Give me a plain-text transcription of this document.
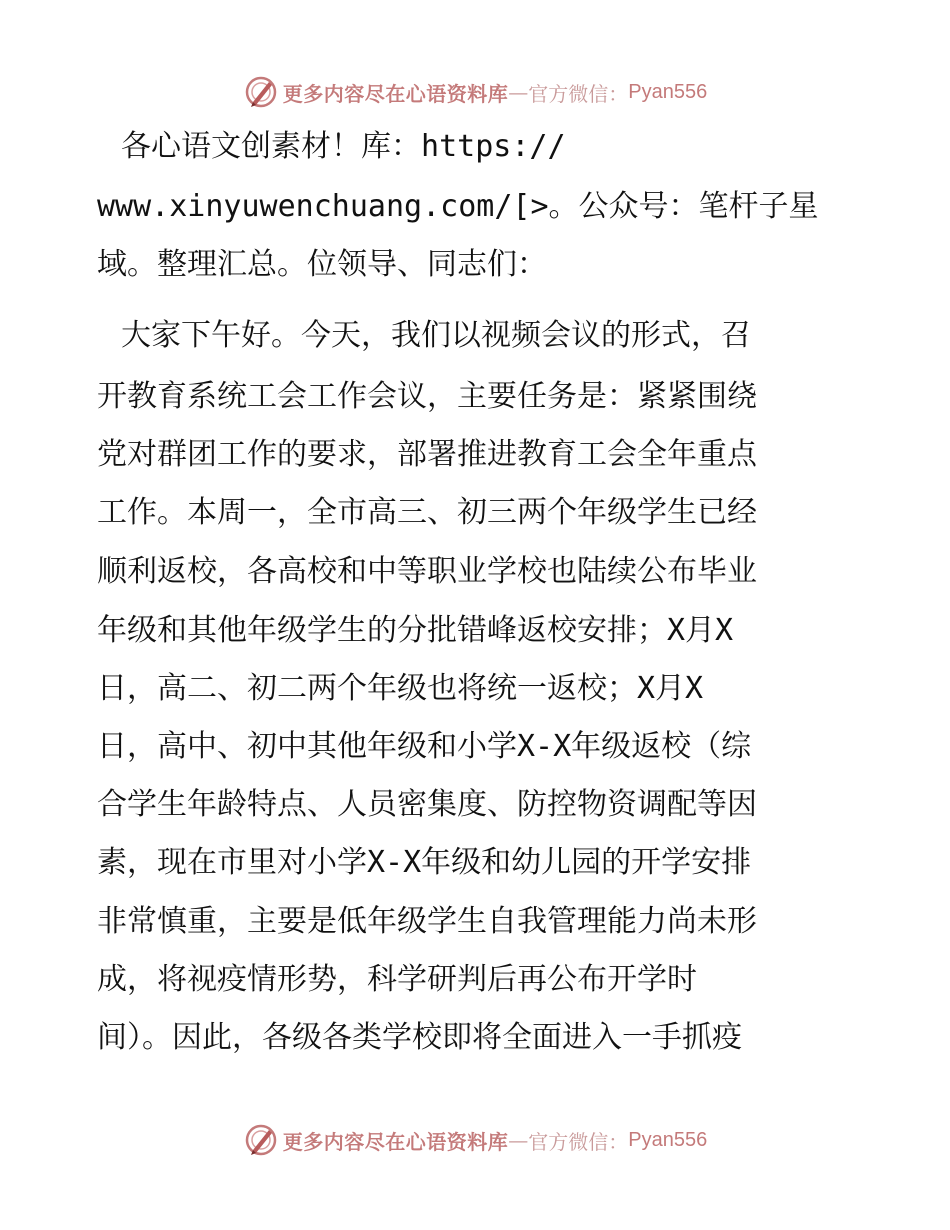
更多内容尽在心语资料库 — 官方微信： Pyan556
各心语文创素材！库：https://
www.xinyuwenchuang.com/[>。公众号：笔杆子星
域。整理汇总。位领导、同志们：
大家下午好。今天，我们以视频会议的形式，召
开教育系统工会工作会议，主要任务是：紧紧围绕
党对群团工作的要求，部署推进教育工会全年重点
工作。本周一，全市高三、初三两个年级学生已经
顺利返校，各高校和中等职业学校也陆续公布毕业
年级和其他年级学生的分批错峰返校安排；X月X
日，高二、初二两个年级也将统一返校；X月X
日，高中、初中其他年级和小学X-X年级返校（综
合学生年龄特点、人员密集度、防控物资调配等因
素，现在市里对小学X-X年级和幼儿园的开学安排
非常慎重，主要是低年级学生自我管理能力尚未形
成，将视疫情形势，科学研判后再公布开学时
间）。因此，各级各类学校即将全面进入一手抓疫
更多内容尽在心语资料库 — 官方微信： Pyan556
